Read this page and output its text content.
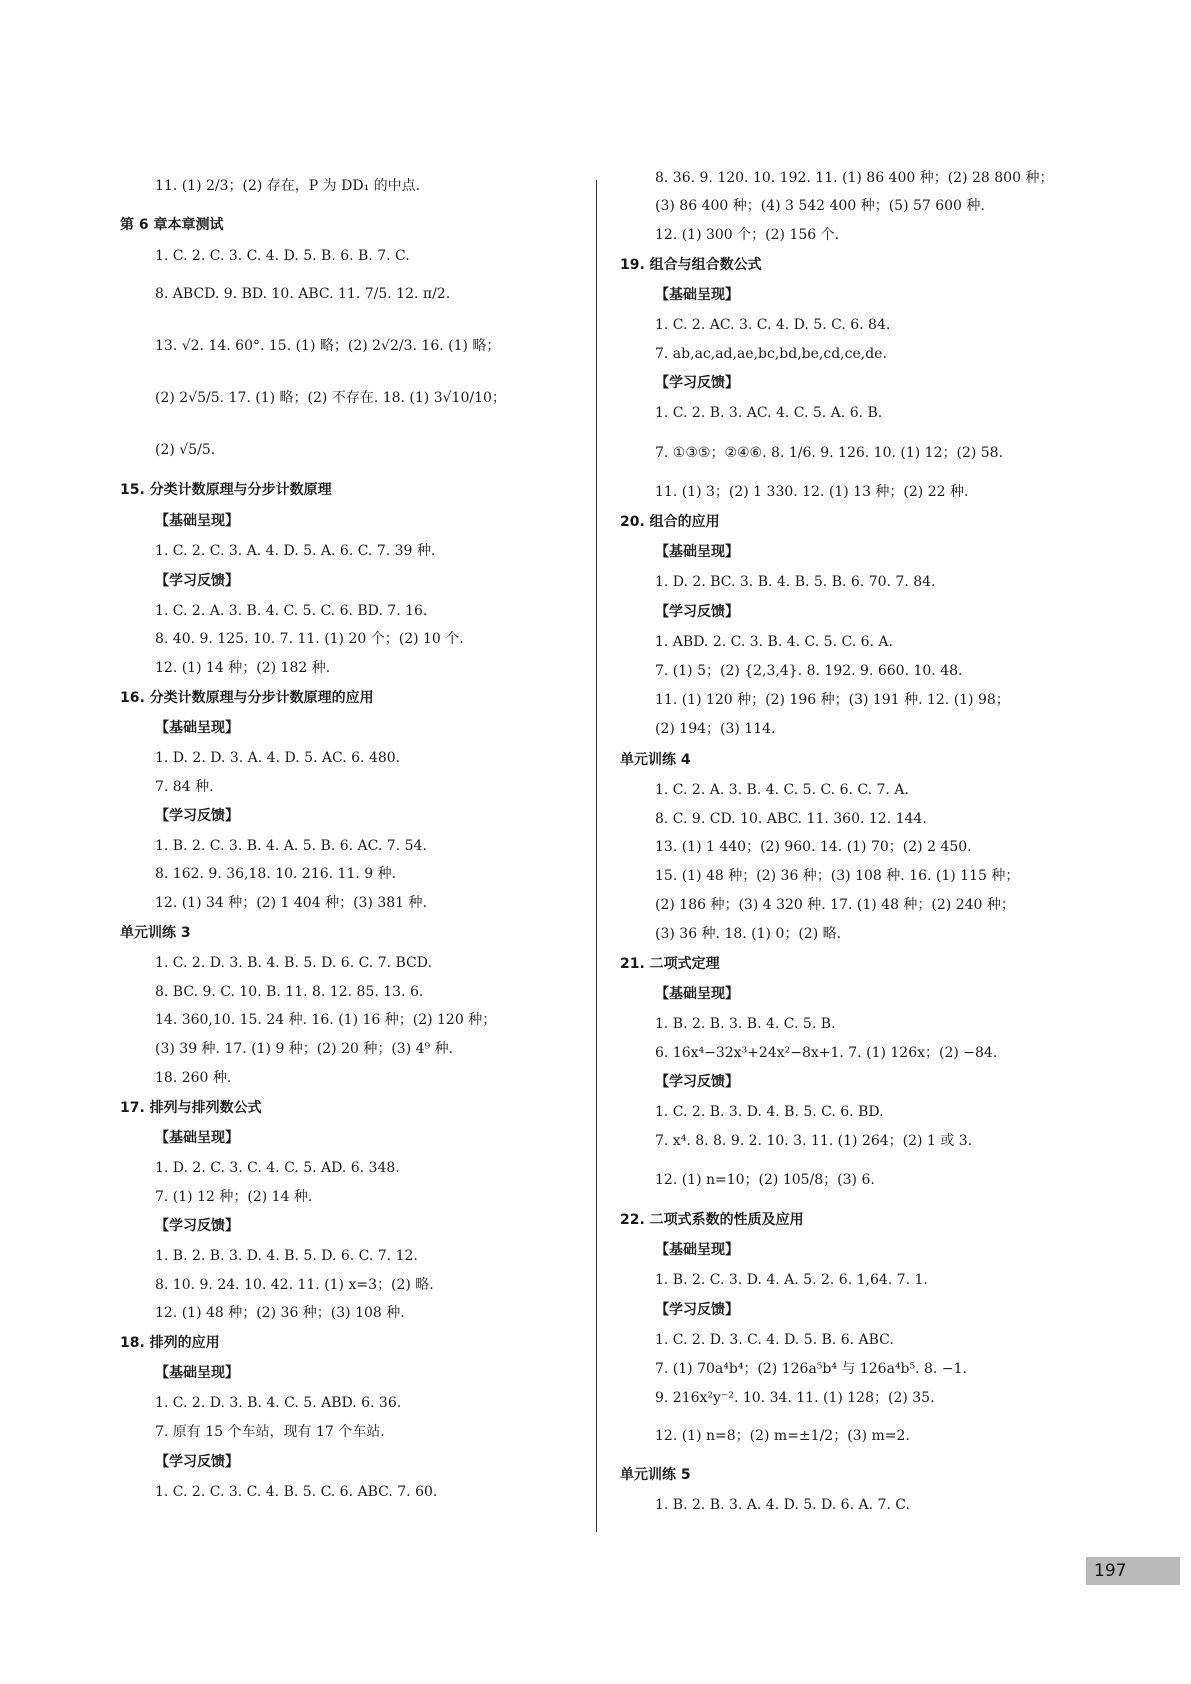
11. (1) 2/3；(2) 存在，P 为 DD₁ 的中点.
第 6 章本章测试
1. C. 2. C. 3. C. 4. D. 5. B. 6. B. 7. C.
8. ABCD. 9. BD. 10. ABC. 11. 7/5. 12. π/2.
13. √2. 14. 60°. 15. (1) 略；(2) 2√2/3. 16. (1) 略；
(2) 2√5/5. 17. (1) 略；(2) 不存在. 18. (1) 3√10/10；
(2) √5/5.
15. 分类计数原理与分步计数原理
【基础呈现】
1. C. 2. C. 3. A. 4. D. 5. A. 6. C. 7. 39 种.
【学习反馈】
1. C. 2. A. 3. B. 4. C. 5. C. 6. BD. 7. 16.
8. 40. 9. 125. 10. 7. 11. (1) 20 个；(2) 10 个.
12. (1) 14 种；(2) 182 种.
16. 分类计数原理与分步计数原理的应用
【基础呈现】
1. D. 2. D. 3. A. 4. D. 5. AC. 6. 480.
7. 84 种.
【学习反馈】
1. B. 2. C. 3. B. 4. A. 5. B. 6. AC. 7. 54.
8. 162. 9. 36,18. 10. 216. 11. 9 种.
12. (1) 34 种；(2) 1 404 种；(3) 381 种.
单元训练 3
1. C. 2. D. 3. B. 4. B. 5. D. 6. C. 7. BCD.
8. BC. 9. C. 10. B. 11. 8. 12. 85. 13. 6.
14. 360,10. 15. 24 种. 16. (1) 16 种；(2) 120 种；
(3) 39 种. 17. (1) 9 种；(2) 20 种；(3) 4⁹ 种.
18. 260 种.
17. 排列与排列数公式
【基础呈现】
1. D. 2. C. 3. C. 4. C. 5. AD. 6. 348.
7. (1) 12 种；(2) 14 种.
【学习反馈】
1. B. 2. B. 3. D. 4. B. 5. D. 6. C. 7. 12.
8. 10. 9. 24. 10. 42. 11. (1) x=3；(2) 略.
12. (1) 48 种；(2) 36 种；(3) 108 种.
18. 排列的应用
【基础呈现】
1. C. 2. D. 3. B. 4. C. 5. ABD. 6. 36.
7. 原有 15 个车站，现有 17 个车站.
【学习反馈】
1. C. 2. C. 3. C. 4. B. 5. C. 6. ABC. 7. 60.
8. 36. 9. 120. 10. 192. 11. (1) 86 400 种；(2) 28 800 种；
(3) 86 400 种；(4) 3 542 400 种；(5) 57 600 种.
12. (1) 300 个；(2) 156 个.
19. 组合与组合数公式
【基础呈现】
1. C. 2. AC. 3. C. 4. D. 5. C. 6. 84.
7. ab,ac,ad,ae,bc,bd,be,cd,ce,de.
【学习反馈】
1. C. 2. B. 3. AC. 4. C. 5. A. 6. B.
7. ①③⑤；②④⑥. 8. 1/6. 9. 126. 10. (1) 12；(2) 58.
11. (1) 3；(2) 1 330. 12. (1) 13 种；(2) 22 种.
20. 组合的应用
【基础呈现】
1. D. 2. BC. 3. B. 4. B. 5. B. 6. 70. 7. 84.
【学习反馈】
1. ABD. 2. C. 3. B. 4. C. 5. C. 6. A.
7. (1) 5；(2) {2,3,4}. 8. 192. 9. 660. 10. 48.
11. (1) 120 种；(2) 196 种；(3) 191 种. 12. (1) 98；
(2) 194；(3) 114.
单元训练 4
1. C. 2. A. 3. B. 4. C. 5. C. 6. C. 7. A.
8. C. 9. CD. 10. ABC. 11. 360. 12. 144.
13. (1) 1 440；(2) 960. 14. (1) 70；(2) 2 450.
15. (1) 48 种；(2) 36 种；(3) 108 种. 16. (1) 115 种；
(2) 186 种；(3) 4 320 种. 17. (1) 48 种；(2) 240 种；
(3) 36 种. 18. (1) 0；(2) 略.
21. 二项式定理
【基础呈现】
1. B. 2. B. 3. B. 4. C. 5. B.
6. 16x⁴−32x³+24x²−8x+1. 7. (1) 126x；(2) −84.
【学习反馈】
1. C. 2. B. 3. D. 4. B. 5. C. 6. BD.
7. x⁴. 8. 8. 9. 2. 10. 3. 11. (1) 264；(2) 1 或 3.
12. (1) n=10；(2) 105/8；(3) 6.
22. 二项式系数的性质及应用
【基础呈现】
1. B. 2. C. 3. D. 4. A. 5. 2. 6. 1,64. 7. 1.
【学习反馈】
1. C. 2. D. 3. C. 4. D. 5. B. 6. ABC.
7. (1) 70a⁴b⁴；(2) 126a⁵b⁴ 与 126a⁴b⁵. 8. −1.
9. 216x²y⁻². 10. 34. 11. (1) 128；(2) 35.
12. (1) n=8；(2) m=±1/2；(3) m=2.
单元训练 5
1. B. 2. B. 3. A. 4. D. 5. D. 6. A. 7. C.
197
